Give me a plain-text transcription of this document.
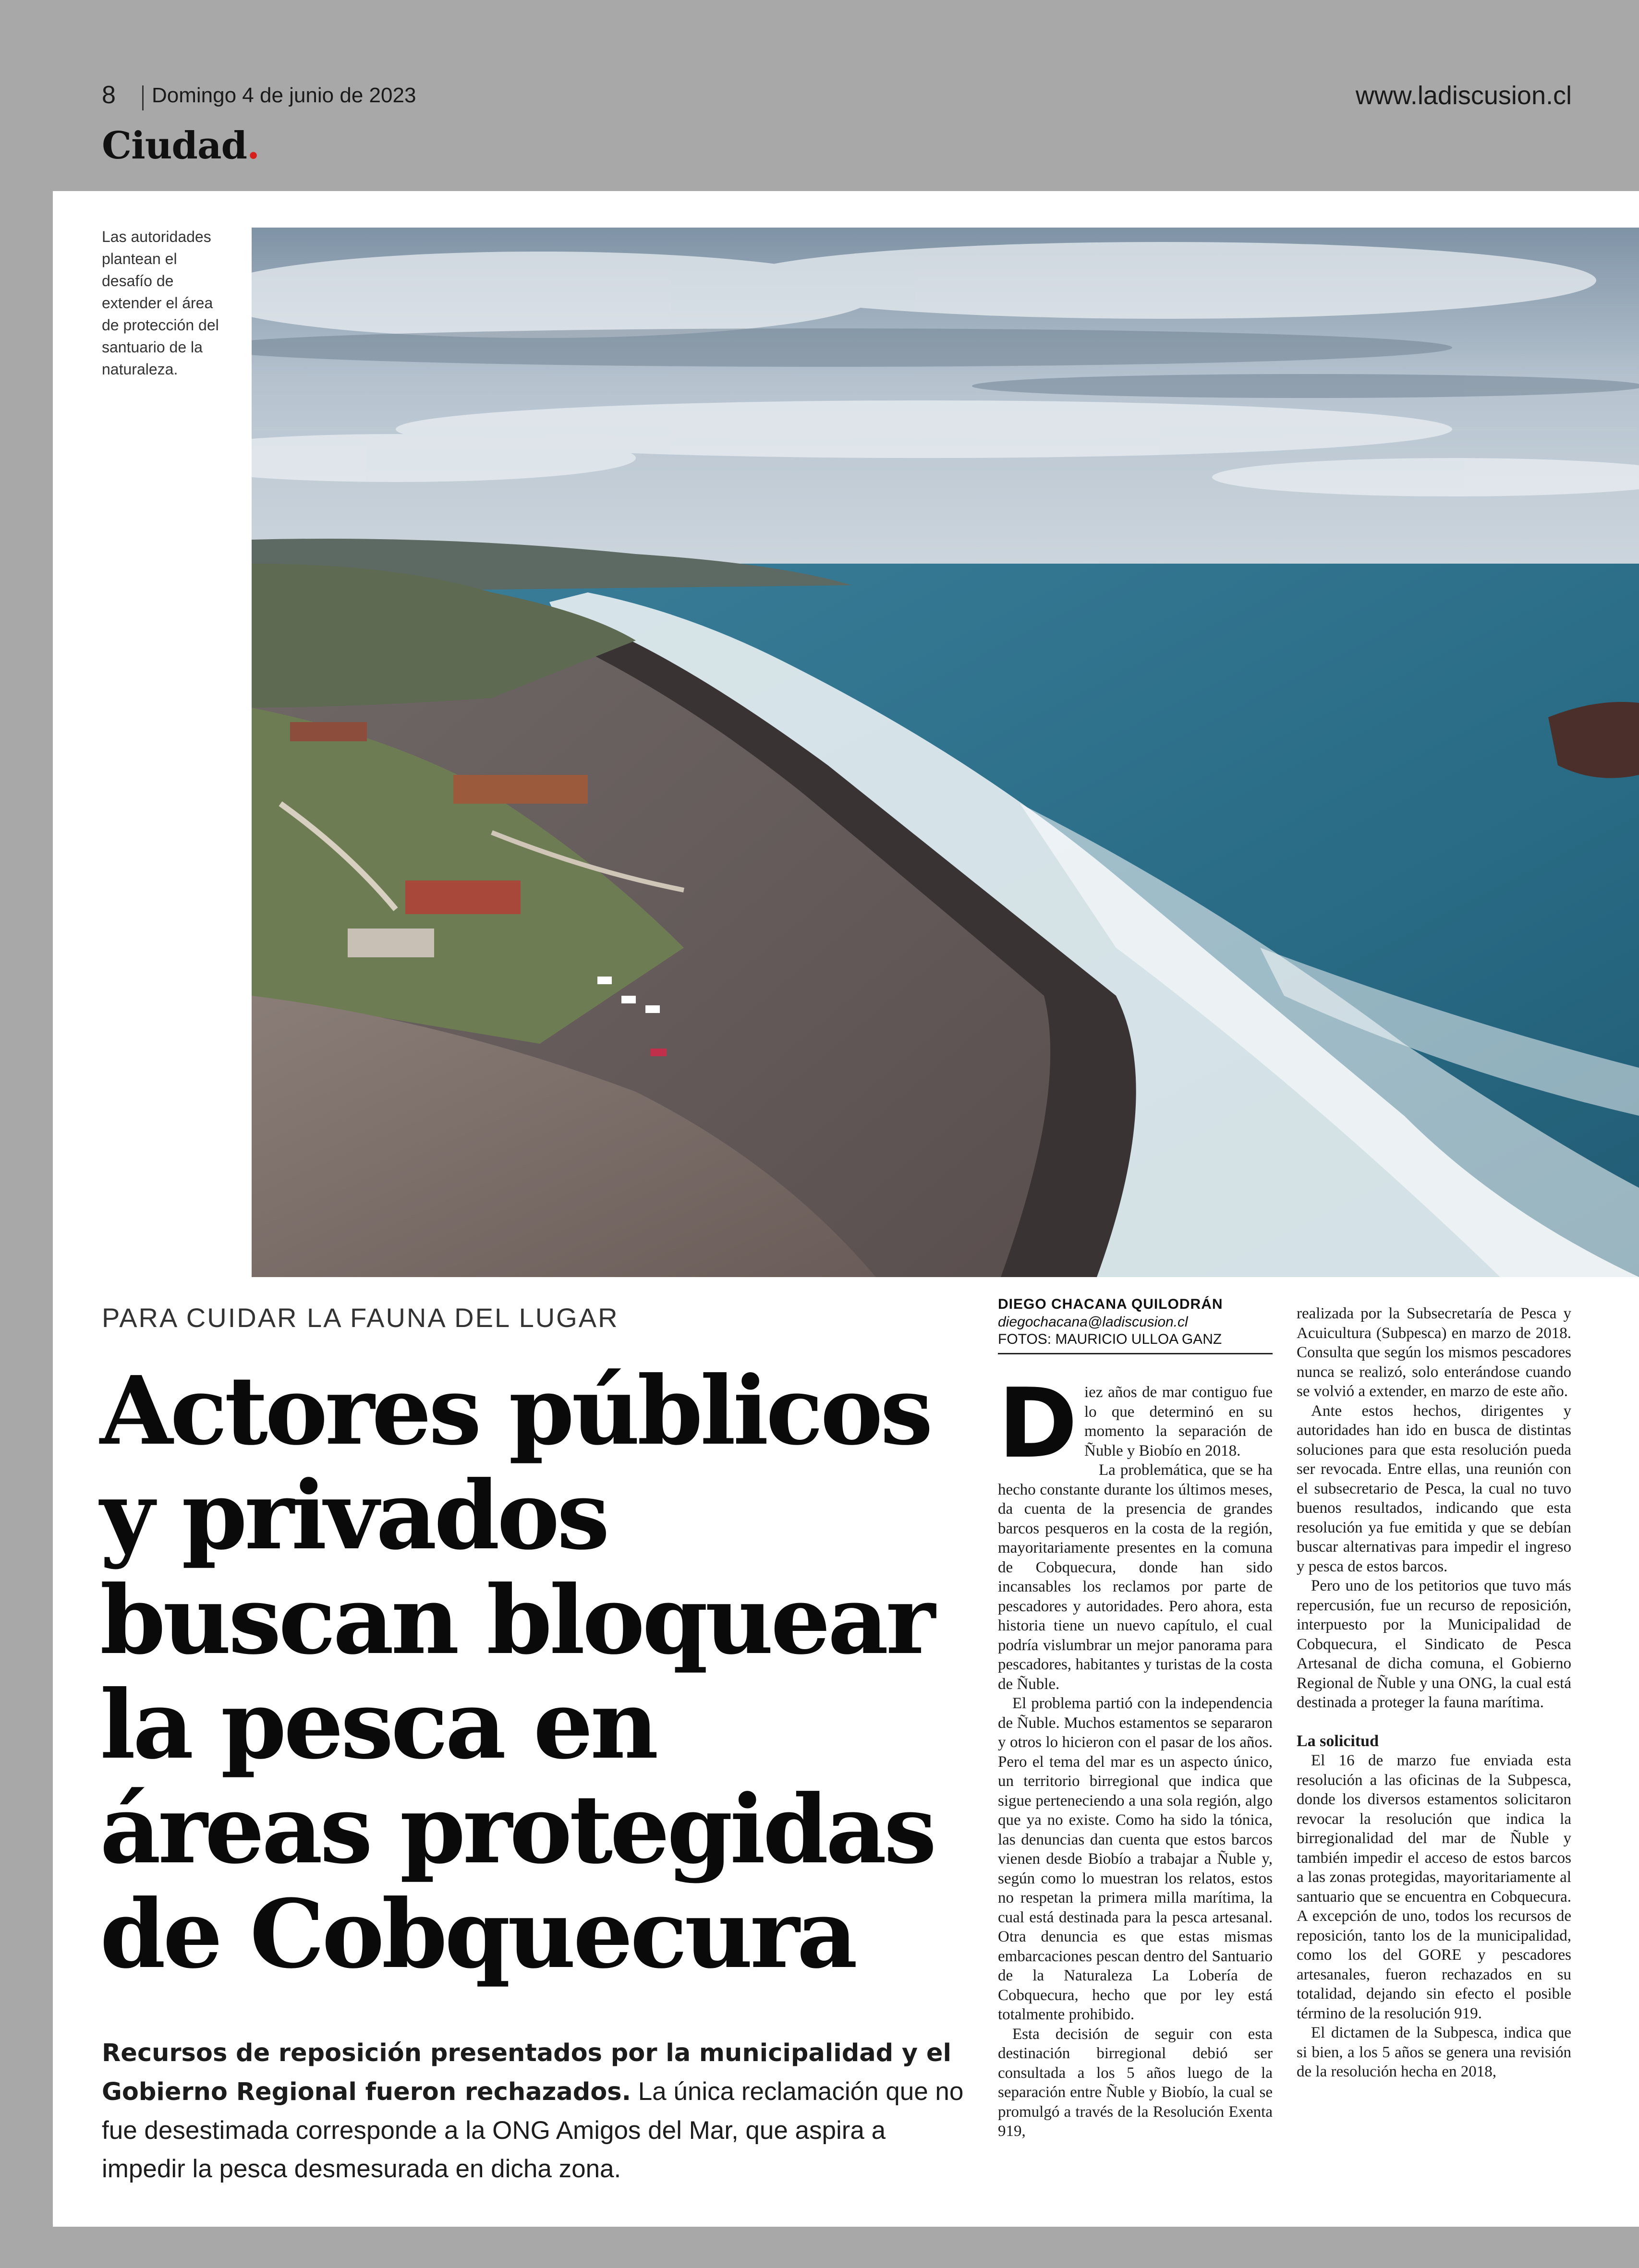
8 Domingo 4 de junio de 2023	www.ladiscusion.cl
Ciudad.
Las autoridades plantean el desafío de extender el área de protección del santuario de la naturaleza.
PARA CUIDAR LA FAUNA DEL LUGAR
Actores públicos
y privados
buscan bloquear
la pesca en
áreas protegidas
de Cobquecura
Recursos de reposición presentados por la municipalidad y el Gobierno Regional fueron rechazados. La única reclamación que no fue desestimada corresponde a la ONG Amigos del Mar, que aspira a impedir la pesca desmesurada en dicha zona.
DIEGO CHACANA QUILODRÁN
diegochacana@ladiscusion.cl
FOTOS: MAURICIO ULLOA GANZ

Diez años de mar contiguo fue lo que determinó en su momento la separación de Ñuble y Biobío en 2018.

La problemática, que se ha hecho constante durante los últimos meses, da cuenta de la presencia de grandes barcos pesqueros en la costa de la región, mayoritariamente presentes en la comuna de Cobquecura, donde han sido incansables los reclamos por parte de pescadores y autoridades. Pero ahora, esta historia tiene un nuevo capítulo, el cual podría vislumbrar un mejor panorama para pescadores, habitantes y turistas de la costa de Ñuble.

El problema partió con la independencia de Ñuble. Muchos estamentos se separaron y otros lo hicieron con el pasar de los años. Pero el tema del mar es un aspecto único, un territorio birregional que indica que sigue perteneciendo a una sola región, algo que ya no existe. Como ha sido la tónica, las denuncias dan cuenta que estos barcos vienen desde Biobío a trabajar a Ñuble y, según como lo muestran los relatos, estos no respetan la primera milla marítima, la cual está destinada para la pesca artesanal. Otra denuncia es que estas mismas embarcaciones pescan dentro del Santuario de la Naturaleza La Lobería de Cobquecura, hecho que por ley está totalmente prohibido.

Esta decisión de seguir con esta destinación birregional debió ser consultada a los 5 años luego de la separación entre Ñuble y Biobío, la cual se promulgó a través de la Resolución Exenta 919,

realizada por la Subsecretaría de Pesca y Acuicultura (Subpesca) en marzo de 2018. Consulta que según los mismos pescadores nunca se realizó, solo enterándose cuando se volvió a extender, en marzo de este año.

Ante estos hechos, dirigentes y autoridades han ido en busca de distintas soluciones para que esta resolución pueda ser revocada. Entre ellas, una reunión con el subsecretario de Pesca, la cual no tuvo buenos resultados, indicando que esta resolución ya fue emitida y que se debían buscar alternativas para impedir el ingreso y pesca de estos barcos.

Pero uno de los petitorios que tuvo más repercusión, fue un recurso de reposición, interpuesto por la Municipalidad de Cobquecura, el Sindicato de Pesca Artesanal de dicha comuna, el Gobierno Regional de Ñuble y una ONG, la cual está destinada a proteger la fauna marítima.

La solicitud

El 16 de marzo fue enviada esta resolución a las oficinas de la Subpesca, donde los diversos estamentos solicitaron revocar la resolución que indica la birregionalidad del mar de Ñuble y también impedir el acceso de estos barcos a las zonas protegidas, mayoritariamente al santuario que se encuentra en Cobquecura. A excepción de uno, todos los recursos de reposición, tanto los de la municipalidad, como los del GORE y pescadores artesanales, fueron rechazados en su totalidad, dejando sin efecto el posible término de la resolución 919.

El dictamen de la Subpesca, indica que si bien, a los 5 años se genera una revisión de la resolución hecha en 2018,
